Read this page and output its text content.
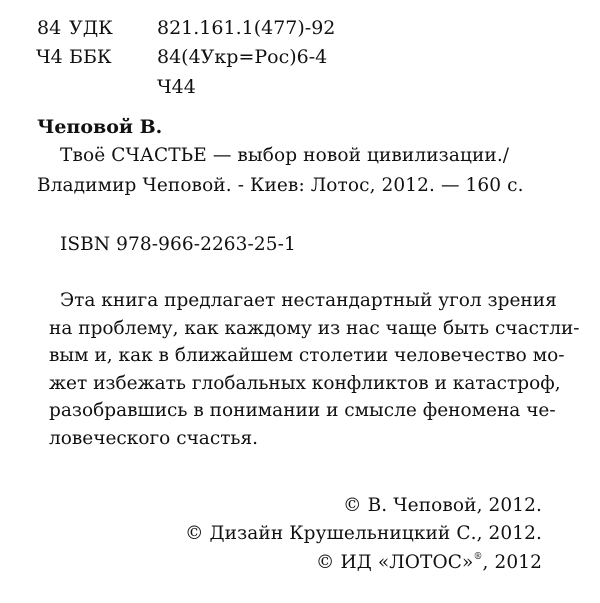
84
Ч4
УДК 821.161.1(477)-92
ББК 84(4Укр=Рос)6-4
Ч44
Чеповой В.
Твоё СЧАСТЬЕ — выбор новой цивилизации./
Владимир Чеповой. - Киев: Лотос, 2012. — 160 с.
ISBN 978-966-2263-25-1
Эта книга предлагает нестандартный угол зрения
на проблему, как каждому из нас чаще быть счастли-
вым и, как в ближайшем столетии человечество мо-
жет избежать глобальных конфликтов и катастроф,
разобравшись в понимании и смысле феномена че-
ловеческого счастья.
© В. Чеповой, 2012.
© Дизайн Крушельницкий С., 2012.
© ИД «ЛОТОС»®, 2012
